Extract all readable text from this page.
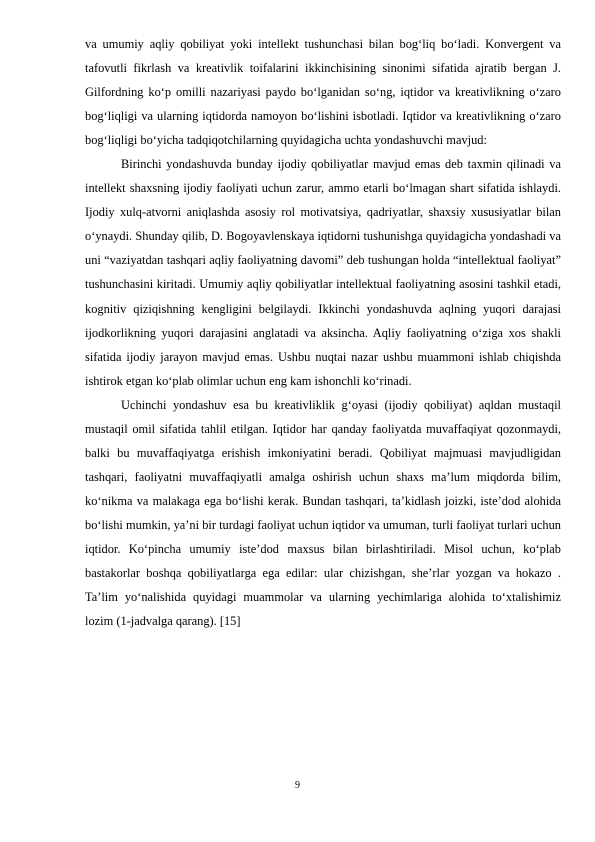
va umumiy aqliy qobiliyat yoki intellekt tushunchasi bilan bog‘liq bo‘ladi. Konvergent va tafovutli fikrlash va kreativlik toifalarini ikkinchisining sinonimi sifatida ajratib bergan J. Gilfordning ko‘p omilli nazariyasi paydo bo‘lganidan so‘ng, iqtidor va kreativlikning o‘zaro bog‘liqligi va ularning iqtidorda namoyon bo‘lishini isbotladi. Iqtidor va kreativlikning o‘zaro bog‘liqligi bo‘yicha tadqiqotchilarning quyidagicha uchta yondashuvchi mavjud:

Birinchi yondashuvda bunday ijodiy qobiliyatlar mavjud emas deb taxmin qilinadi va intellekt shaxsning ijodiy faoliyati uchun zarur, ammo etarli bo‘lmagan shart sifatida ishlaydi. Ijodiy xulq-atvorni aniqlashda asosiy rol motivatsiya, qadriyatlar, shaxsiy xususiyatlar bilan o‘ynaydi. Shunday qilib, D. Bogoyavlenskaya iqtidorni tushunishga quyidagicha yondashadi va uni “vaziyatdan tashqari aqliy faoliyatning davomi” deb tushungan holda “intellektual faoliyat” tushunchasini kiritadi. Umumiy aqliy qobiliyatlar intellektual faoliyatning asosini tashkil etadi, kognitiv qiziqishning kengligini belgilaydi. Ikkinchi yondashuvda aqlning yuqori darajasi ijodkorlikning yuqori darajasini anglatadi va aksincha. Aqliy faoliyatning o‘ziga xos shakli sifatida ijodiy jarayon mavjud emas. Ushbu nuqtai nazar ushbu muammoni ishlab chiqishda ishtirok etgan ko‘plab olimlar uchun eng kam ishonchli ko‘rinadi.

Uchinchi yondashuv esa bu kreativliklik g‘oyasi (ijodiy qobiliyat) aqldan mustaqil mustaqil omil sifatida tahlil etilgan. Iqtidor har qanday faoliyatda muvaffaqiyat qozonmaydi, balki bu muvaffaqiyatga erishish imkoniyatini beradi. Qobiliyat majmuasi mavjudligidan tashqari, faoliyatni muvaffaqiyatli amalga oshirish uchun shaxs ma’lum miqdorda bilim, ko‘nikma va malakaga ega bo‘lishi kerak. Bundan tashqari, ta’kidlash joizki, iste’dod alohida bo‘lishi mumkin, ya’ni bir turdagi faoliyat uchun iqtidor va umuman, turli faoliyat turlari uchun iqtidor. Ko‘pincha umumiy iste’dod maxsus bilan birlashtiriladi. Misol uchun, ko‘plab bastakorlar boshqa qobiliyatlarga ega edilar: ular chizishgan, she’rlar yozgan va hokazo . Ta’lim yo‘nalishida quyidagi muammolar va ularning yechimlariga alohida to‘xtalishimiz lozim (1-jadvalga qarang). [15]

9
